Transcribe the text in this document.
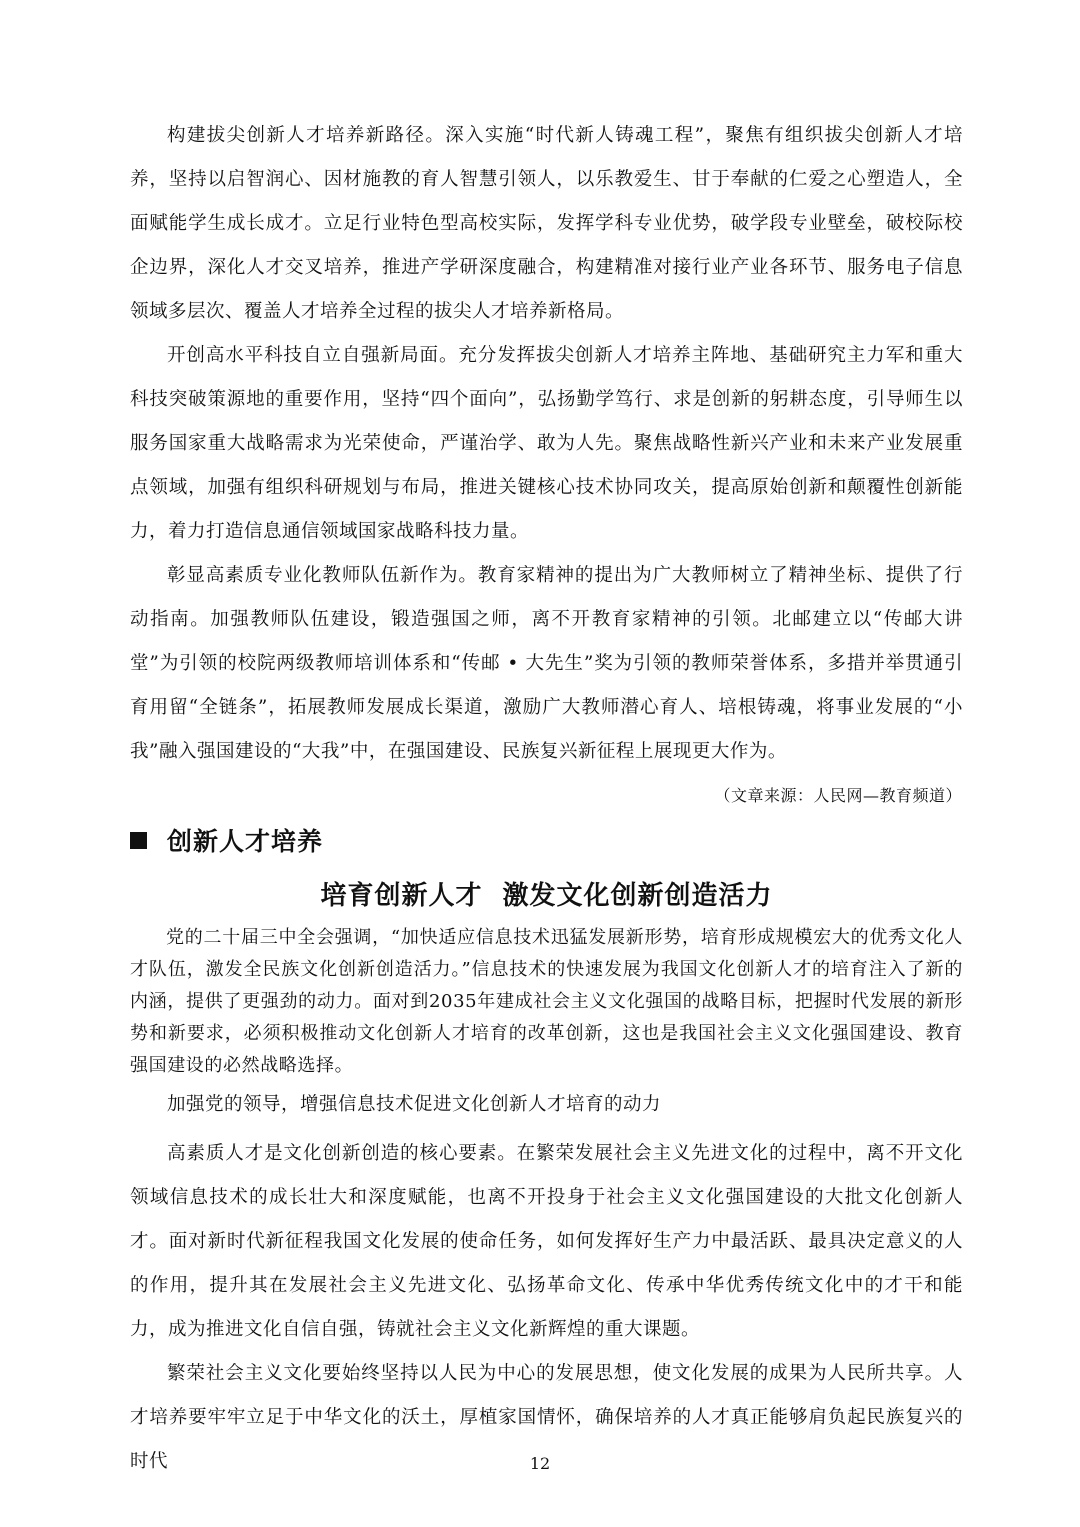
构建拔尖创新人才培养新路径。深入实施“时代新人铸魂工程”，聚焦有组织拔尖创新人才培养，坚持以启智润心、因材施教的育人智慧引领人，以乐教爱生、甘于奉献的仁爱之心塑造人，全面赋能学生成长成才。立足行业特色型高校实际，发挥学科专业优势，破学段专业壁垒，破校际校企边界，深化人才交叉培养，推进产学研深度融合，构建精准对接行业产业各环节、服务电子信息领域多层次、覆盖人才培养全过程的拔尖人才培养新格局。

开创高水平科技自立自强新局面。充分发挥拔尖创新人才培养主阵地、基础研究主力军和重大科技突破策源地的重要作用，坚持“四个面向”，弘扬勤学笃行、求是创新的躬耕态度，引导师生以服务国家重大战略需求为光荣使命，严谨治学、敢为人先。聚焦战略性新兴产业和未来产业发展重点领域，加强有组织科研规划与布局，推进关键核心技术协同攻关，提高原始创新和颠覆性创新能力，着力打造信息通信领域国家战略科技力量。

彰显高素质专业化教师队伍新作为。教育家精神的提出为广大教师树立了精神坐标、提供了行动指南。加强教师队伍建设，锻造强国之师，离不开教育家精神的引领。北邮建立以“传邮大讲堂”为引领的校院两级教师培训体系和“传邮 • 大先生”奖为引领的教师荣誉体系，多措并举贯通引育用留“全链条”，拓展教师发展成长渠道，激励广大教师潜心育人、培根铸魂，将事业发展的“小我”融入强国建设的“大我”中，在强国建设、民族复兴新征程上展现更大作为。

（文章来源：人民网—教育频道）
创新人才培养
培育创新人才  激发文化创新创造活力

党的二十届三中全会强调，“加快适应信息技术迅猛发展新形势，培育形成规模宏大的优秀文化人才队伍，激发全民族文化创新创造活力。”信息技术的快速发展为我国文化创新人才的培育注入了新的内涵，提供了更强劲的动力。面对到2035年建成社会主义文化强国的战略目标，把握时代发展的新形势和新要求，必须积极推动文化创新人才培育的改革创新，这也是我国社会主义文化强国建设、教育强国建设的必然战略选择。

加强党的领导，增强信息技术促进文化创新人才培育的动力

高素质人才是文化创新创造的核心要素。在繁荣发展社会主义先进文化的过程中，离不开文化领域信息技术的成长壮大和深度赋能，也离不开投身于社会主义文化强国建设的大批文化创新人才。面对新时代新征程我国文化发展的使命任务，如何发挥好生产力中最活跃、最具决定意义的人的作用，提升其在发展社会主义先进文化、弘扬革命文化、传承中华优秀传统文化中的才干和能力，成为推进文化自信自强，铸就社会主义文化新辉煌的重大课题。

繁荣社会主义文化要始终坚持以人民为中心的发展思想，使文化发展的成果为人民所共享。人才培养要牢牢立足于中华文化的沃土，厚植家国情怀，确保培养的人才真正能够肩负起民族复兴的时代	12
